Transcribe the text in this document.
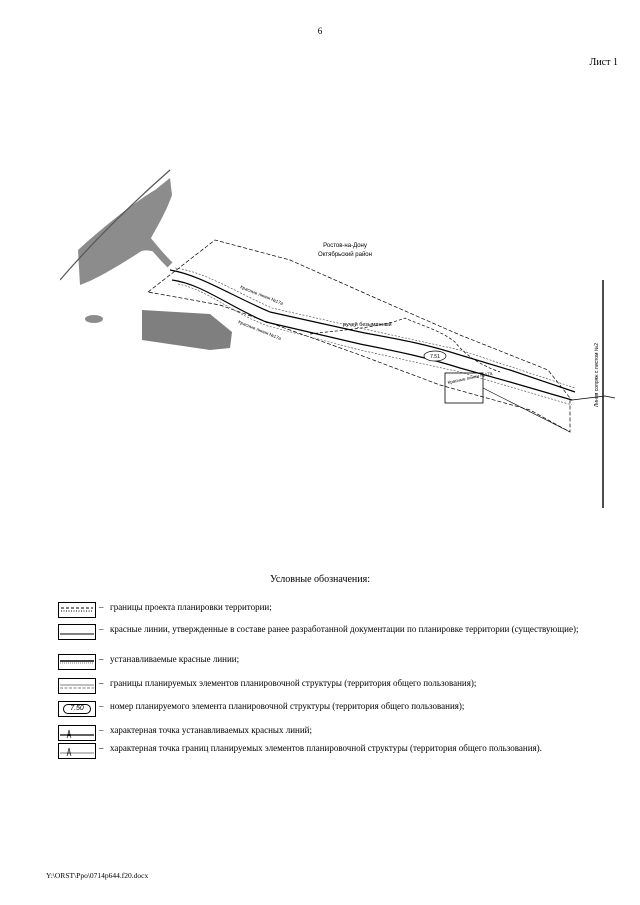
6
Лист 1
Ростов-на-Дону
Октябрьский район
ручей безымянный
Красные линии №17а
Красные линии №17а
Красные линии №17а
7.51	Линия сопряж с листом №2
Условные обозначения:
– границы проекта планировки территории;
– красные линии, утвержденные в составе ранее разработанной документации по планировке территории (существующие);
– устанавливаемые красные линии;
– границы планируемых элементов планировочной структуры (территория общего пользования);
7.50	– номер планируемого элемента планировочной структуры (территория общего пользования);
– характерная точка устанавливаемых красных линий;
– характерная точка границ планируемых элементов планировочной структуры (территория общего пользования).
Y:\ORST\Ppo\0714p644.f20.docx
